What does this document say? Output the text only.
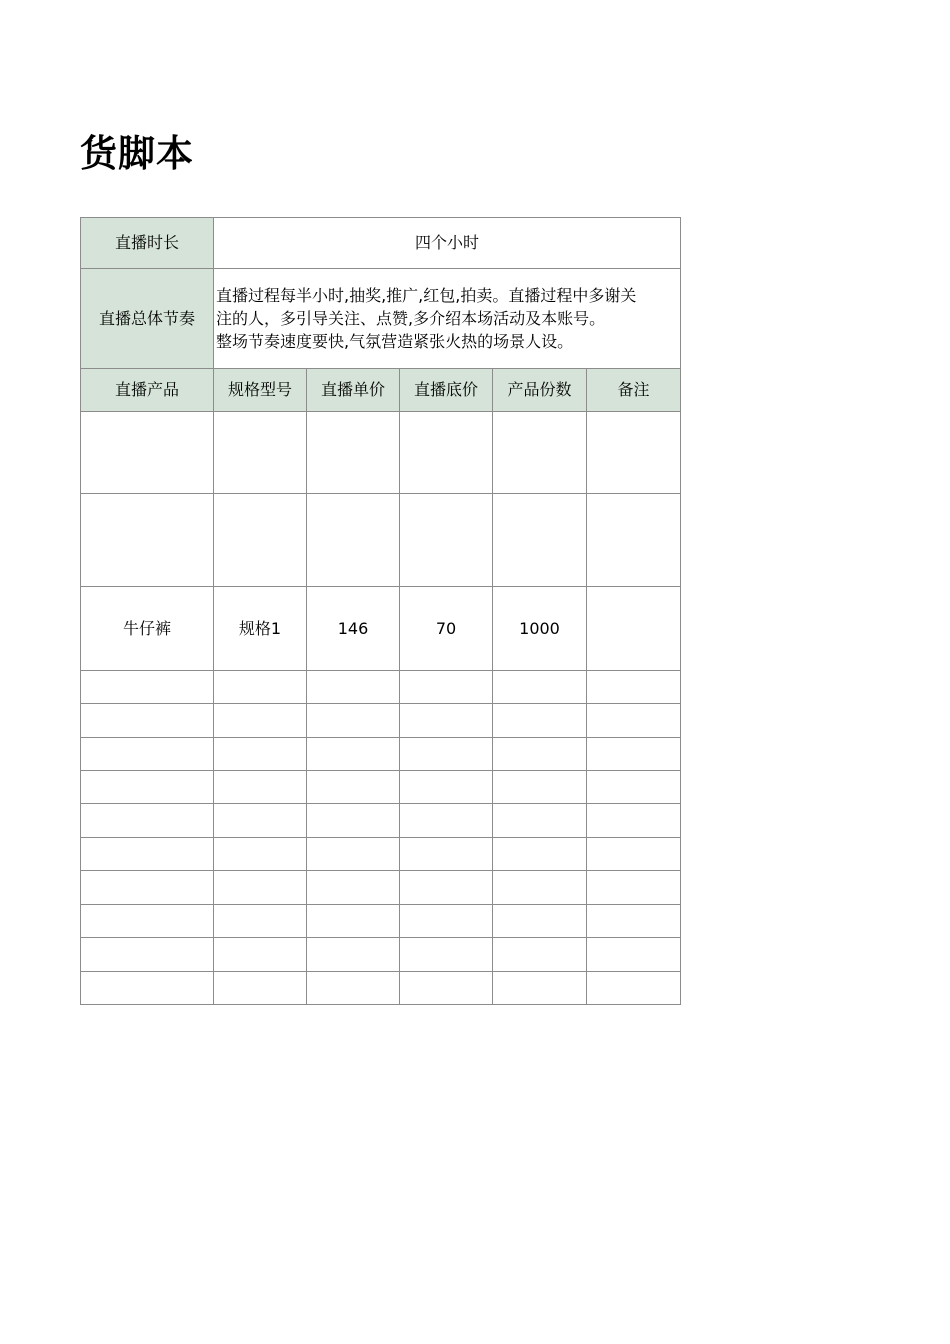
货脚本
直播时长	四个小时				
直播总体节奏	直播过程每半小时,抽奖,推广,红包,拍卖。直播过程中多谢关
注的人，多引导关注、点赞,多介绍本场活动及本账号。
整场节奏速度要快,气氛营造紧张火热的场景人设。				

直播产品	规格型号	直播单价	直播底价	产品份数	备注

牛仔裤	规格1	146	70	1000	
